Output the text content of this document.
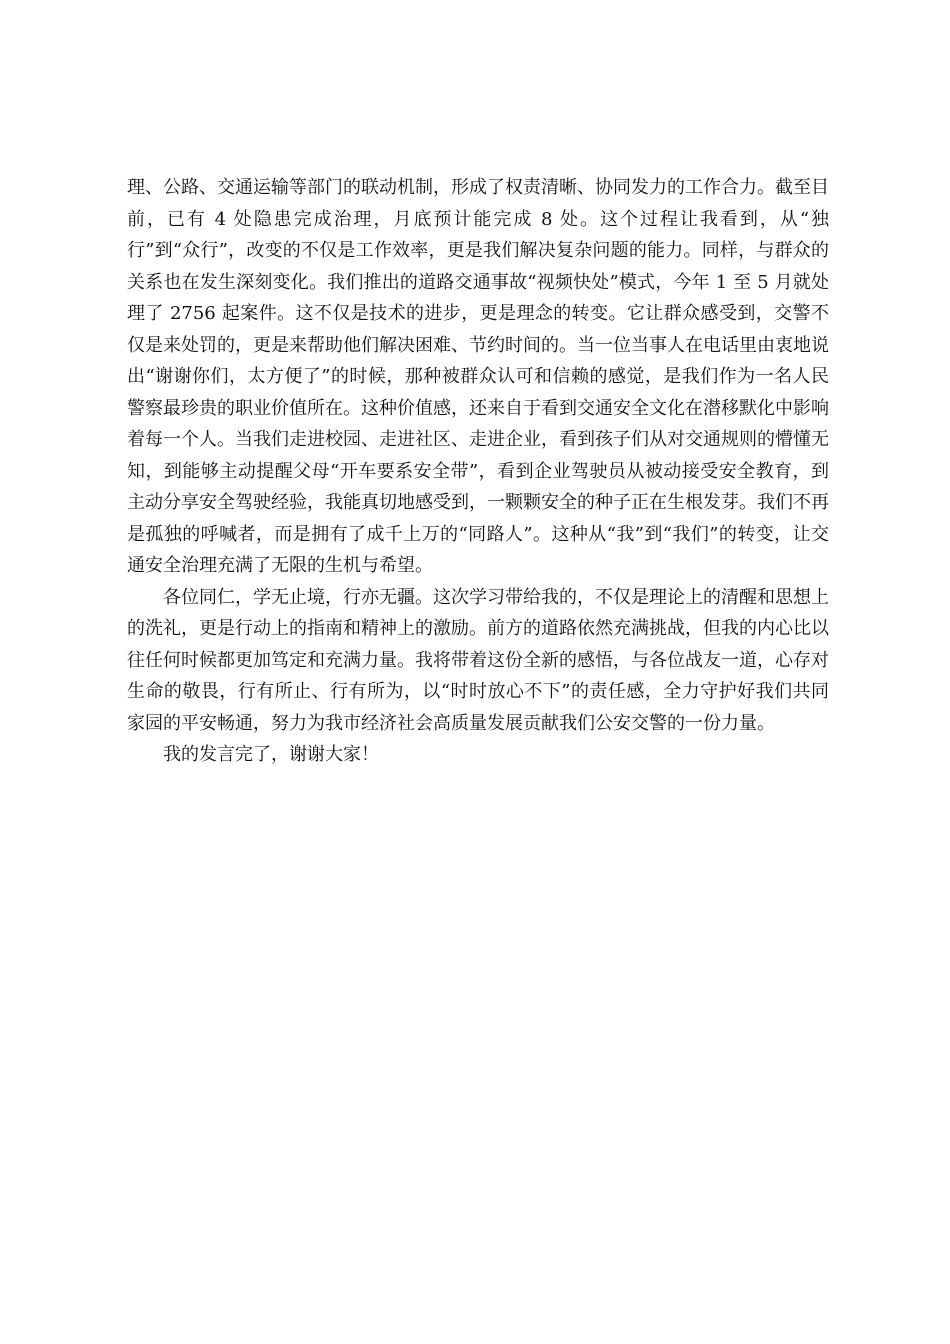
理、公路、交通运输等部门的联动机制，形成了权责清晰、协同发力的工作合力。截至目前，已有 4 处隐患完成治理，月底预计能完成 8 处。这个过程让我看到，从“独行”到“众行”，改变的不仅是工作效率，更是我们解决复杂问题的能力。同样，与群众的关系也在发生深刻变化。我们推出的道路交通事故“视频快处”模式，今年 1 至 5 月就处理了 2756 起案件。这不仅是技术的进步，更是理念的转变。它让群众感受到，交警不仅是来处罚的，更是来帮助他们解决困难、节约时间的。当一位当事人在电话里由衷地说出“谢谢你们，太方便了”的时候，那种被群众认可和信赖的感觉，是我们作为一名人民警察最珍贵的职业价值所在。这种价值感，还来自于看到交通安全文化在潜移默化中影响着每一个人。当我们走进校园、走进社区、走进企业，看到孩子们从对交通规则的懵懂无知，到能够主动提醒父母“开车要系安全带”，看到企业驾驶员从被动接受安全教育，到主动分享安全驾驶经验，我能真切地感受到，一颗颗安全的种子正在生根发芽。我们不再是孤独的呼喊者，而是拥有了成千上万的“同路人”。这种从“我”到“我们”的转变，让交通安全治理充满了无限的生机与希望。

各位同仁，学无止境，行亦无疆。这次学习带给我的，不仅是理论上的清醒和思想上的洗礼，更是行动上的指南和精神上的激励。前方的道路依然充满挑战，但我的内心比以往任何时候都更加笃定和充满力量。我将带着这份全新的感悟，与各位战友一道，心存对生命的敬畏，行有所止、行有所为，以“时时放心不下”的责任感，全力守护好我们共同家园的平安畅通，努力为我市经济社会高质量发展贡献我们公安交警的一份力量。

我的发言完了，谢谢大家！
